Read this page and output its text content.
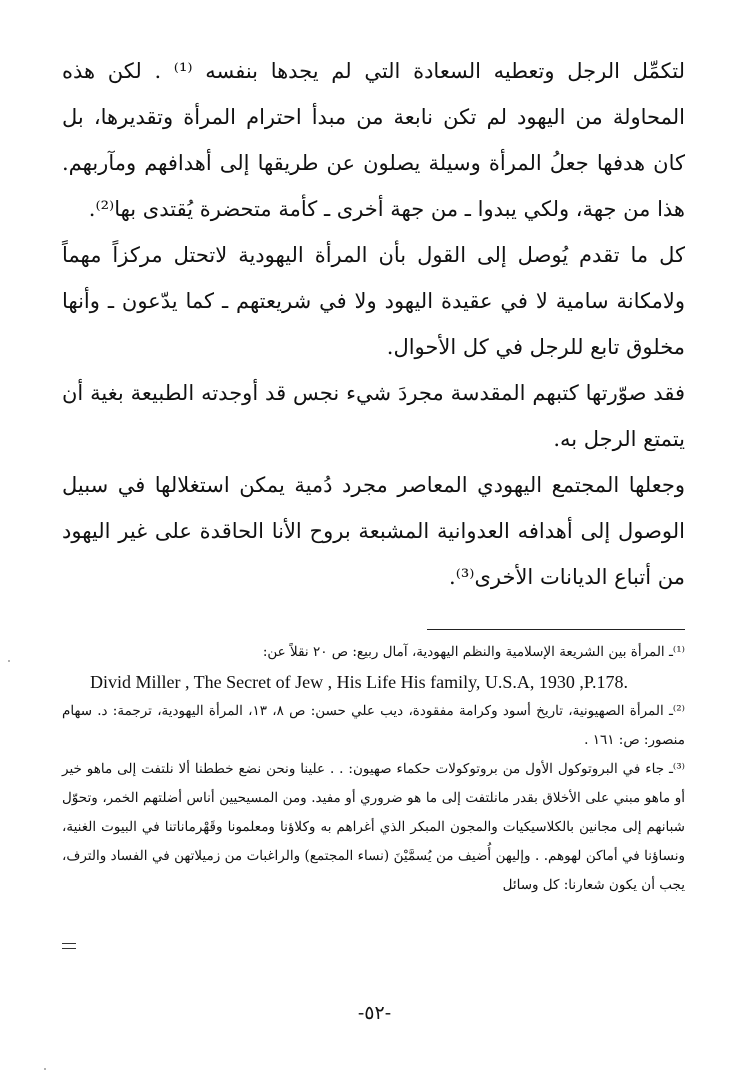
لتكمِّل الرجل وتعطيه السعادة التي لم يجدها بنفسه ⁽¹⁾ . لكن هذه المحاولة من اليهود لم تكن نابعة من مبدأ احترام المرأة وتقديرها، بل كان هدفها جعلُ المرأة وسيلة يصلون عن طريقها إلى أهدافهم ومآربهم. هذا من جهة، ولكي يبدوا ـ من جهة أخرى ـ كأمة متحضرة يُقتدى بها⁽²⁾.

كل ما تقدم يُوصل إلى القول بأن المرأة اليهودية لاتحتل مركزاً مهماً ولامكانة سامية لا في عقيدة اليهود ولا في شريعتهم ـ كما يدّعون ـ وأنها مخلوق تابع للرجل في كل الأحوال.

فقد صوّرتها كتبهم المقدسة مجردَ شيء نجس قد أوجدته الطبيعة بغية أن يتمتع الرجل به.

وجعلها المجتمع اليهودي المعاصر مجرد دُمية يمكن استغلالها في سبيل الوصول إلى أهدافه العدوانية المشبعة بروح الأنا الحاقدة على غير اليهود من أتباع الديانات الأخرى⁽³⁾.

⁽¹⁾ـ المرأة بين الشريعة الإسلامية والنظم اليهودية، آمال ربيع: ص ٢٠ نقلاً عن:

Divid Miller , The Secret of Jew , His Life His family, U.S.A, 1930 ,P.178.

⁽²⁾ـ المرأة الصهيونية، تاريخ أسود وكرامة مفقودة، ديب علي حسن: ص ٨، ١٣، المرأة اليهودية، ترجمة: د. سهام منصور: ص: ١٦١ .

⁽³⁾ـ جاء في البروتوكول الأول من بروتوكولات حكماء صهيون: . . علينا ونحن نضع خططنا ألا نلتفت إلى ماهو خير أو ماهو مبني على الأخلاق بقدر مانلتفت إلى ما هو ضروري أو مفيد. ومن المسيحيين أناس أضلتهم الخمر، وتحوّل شبانهم إلى مجانين بالكلاسيكيات والمجون المبكر الذي أغراهم به وكلاؤنا ومعلمونا وقَهْرماناتنا في البيوت الغنية، ونساؤنا في أماكن لهوهم. . وإليهن أُضيف من يُسمَّيْنَ (نساء المجتمع) والراغبات من زميلاتهن في الفساد والترف، يجب أن يكون شعارنا: كل وسائل

-٥٢-
